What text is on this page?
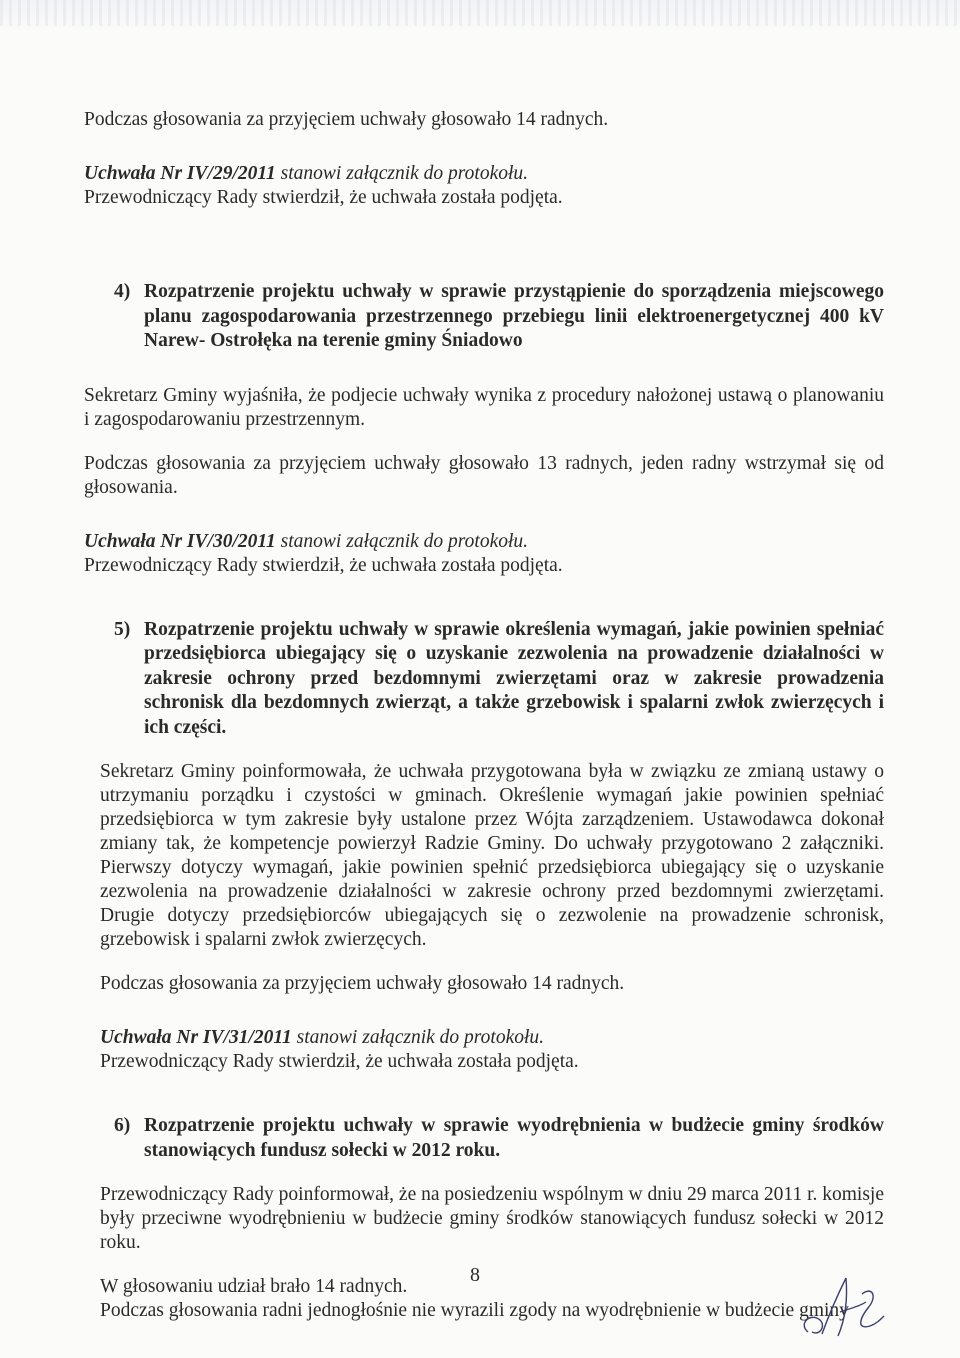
Podczas głosowania za przyjęciem uchwały głosowało 14 radnych.

Uchwała Nr IV/29/2011 stanowi załącznik do protokołu.

Przewodniczący Rady stwierdził, że uchwała została podjęta.

4) Rozpatrzenie projektu uchwały w sprawie przystąpienie do sporządzenia miejscowego planu zagospodarowania przestrzennego przebiegu linii elektroenergetycznej 400 kV Narew- Ostrołęka na terenie gminy Śniadowo

Sekretarz Gminy wyjaśniła, że podjecie uchwały wynika z procedury nałożonej ustawą o planowaniu i zagospodarowaniu przestrzennym.

Podczas głosowania za przyjęciem uchwały głosowało 13 radnych, jeden radny wstrzymał się od głosowania.

Uchwała Nr IV/30/2011 stanowi załącznik do protokołu.

Przewodniczący Rady stwierdził, że uchwała została podjęta.

5) Rozpatrzenie projektu uchwały w sprawie określenia wymagań, jakie powinien spełniać przedsiębiorca ubiegający się o uzyskanie zezwolenia na prowadzenie działalności w zakresie ochrony przed bezdomnymi zwierzętami oraz w zakresie prowadzenia schronisk dla bezdomnych zwierząt, a także grzebowisk i spalarni zwłok zwierzęcych i ich części.

Sekretarz Gminy poinformowała, że uchwała przygotowana była w związku ze zmianą ustawy o utrzymaniu porządku i czystości w gminach. Określenie wymagań jakie powinien spełniać przedsiębiorca w tym zakresie były ustalone przez Wójta zarządzeniem. Ustawodawca dokonał zmiany tak, że kompetencje powierzył Radzie Gminy. Do uchwały przygotowano 2 załączniki. Pierwszy dotyczy wymagań, jakie powinien spełnić przedsiębiorca ubiegający się o uzyskanie zezwolenia na prowadzenie działalności w zakresie ochrony przed bezdomnymi zwierzętami. Drugie dotyczy przedsiębiorców ubiegających się o zezwolenie na prowadzenie schronisk, grzebowisk i spalarni zwłok zwierzęcych.

Podczas głosowania za przyjęciem uchwały głosowało 14 radnych.

Uchwała Nr IV/31/2011 stanowi załącznik do protokołu.

Przewodniczący Rady stwierdził, że uchwała została podjęta.

6) Rozpatrzenie projektu uchwały w sprawie wyodrębnienia w budżecie gminy środków stanowiących fundusz sołecki w 2012 roku.

Przewodniczący Rady poinformował, że na posiedzeniu wspólnym w dniu 29 marca 2011 r. komisje były przeciwne wyodrębnieniu w budżecie gminy środków stanowiących fundusz sołecki w 2012 roku.

W głosowaniu udział brało 14 radnych.

Podczas głosowania radni jednogłośnie nie wyrazili zgody na wyodrębnienie w budżecie gminy

8
